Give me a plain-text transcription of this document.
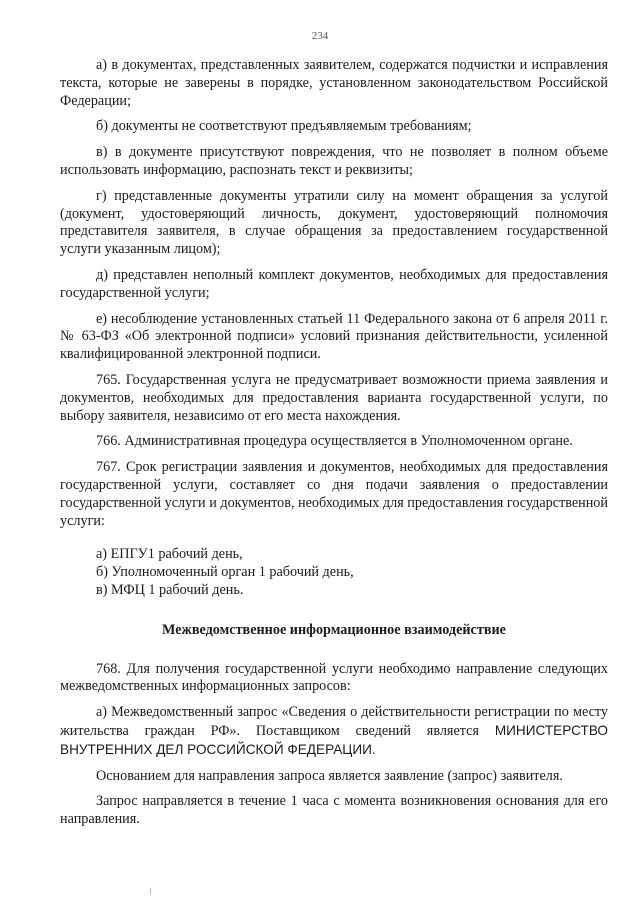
234

а) в документах, представленных заявителем, содержатся подчистки и исправления текста, которые не заверены в порядке, установленном законодательством Российской Федерации;

б) документы не соответствуют предъявляемым требованиям;

в) в документе присутствуют повреждения, что не позволяет в полном объеме использовать информацию, распознать текст и реквизиты;

г) представленные документы утратили силу на момент обращения за услугой (документ, удостоверяющий личность, документ, удостоверяющий полномочия представителя заявителя, в случае обращения за предоставлением государственной услуги указанным лицом);

д) представлен неполный комплект документов, необходимых для предоставления государственной услуги;

е) несоблюдение установленных статьей 11 Федерального закона от 6 апреля 2011 г. № 63-ФЗ «Об электронной подписи» условий признания действительности, усиленной квалифицированной электронной подписи.

765. Государственная услуга не предусматривает возможности приема заявления и документов, необходимых для предоставления варианта государственной услуги, по выбору заявителя, независимо от его места нахождения.

766. Административная процедура осуществляется в Уполномоченном органе.

767. Срок регистрации заявления и документов, необходимых для предоставления государственной услуги, составляет со дня подачи заявления о предоставлении государственной услуги и документов, необходимых для предоставления государственной услуги:

а) ЕПГУ1 рабочий день,

б) Уполномоченный орган 1 рабочий день,

в) МФЦ 1 рабочий день.

Межведомственное информационное взаимодействие

768. Для получения государственной услуги необходимо направление следующих межведомственных информационных запросов:

а) Межведомственный запрос «Сведения о действительности регистрации по месту жительства граждан РФ». Поставщиком сведений является МИНИСТЕРСТВО ВНУТРЕННИХ ДЕЛ РОССИЙСКОЙ ФЕДЕРАЦИИ.

Основанием для направления запроса является заявление (запрос) заявителя.

Запрос направляется в течение 1 часа с момента возникновения основания для его направления.
